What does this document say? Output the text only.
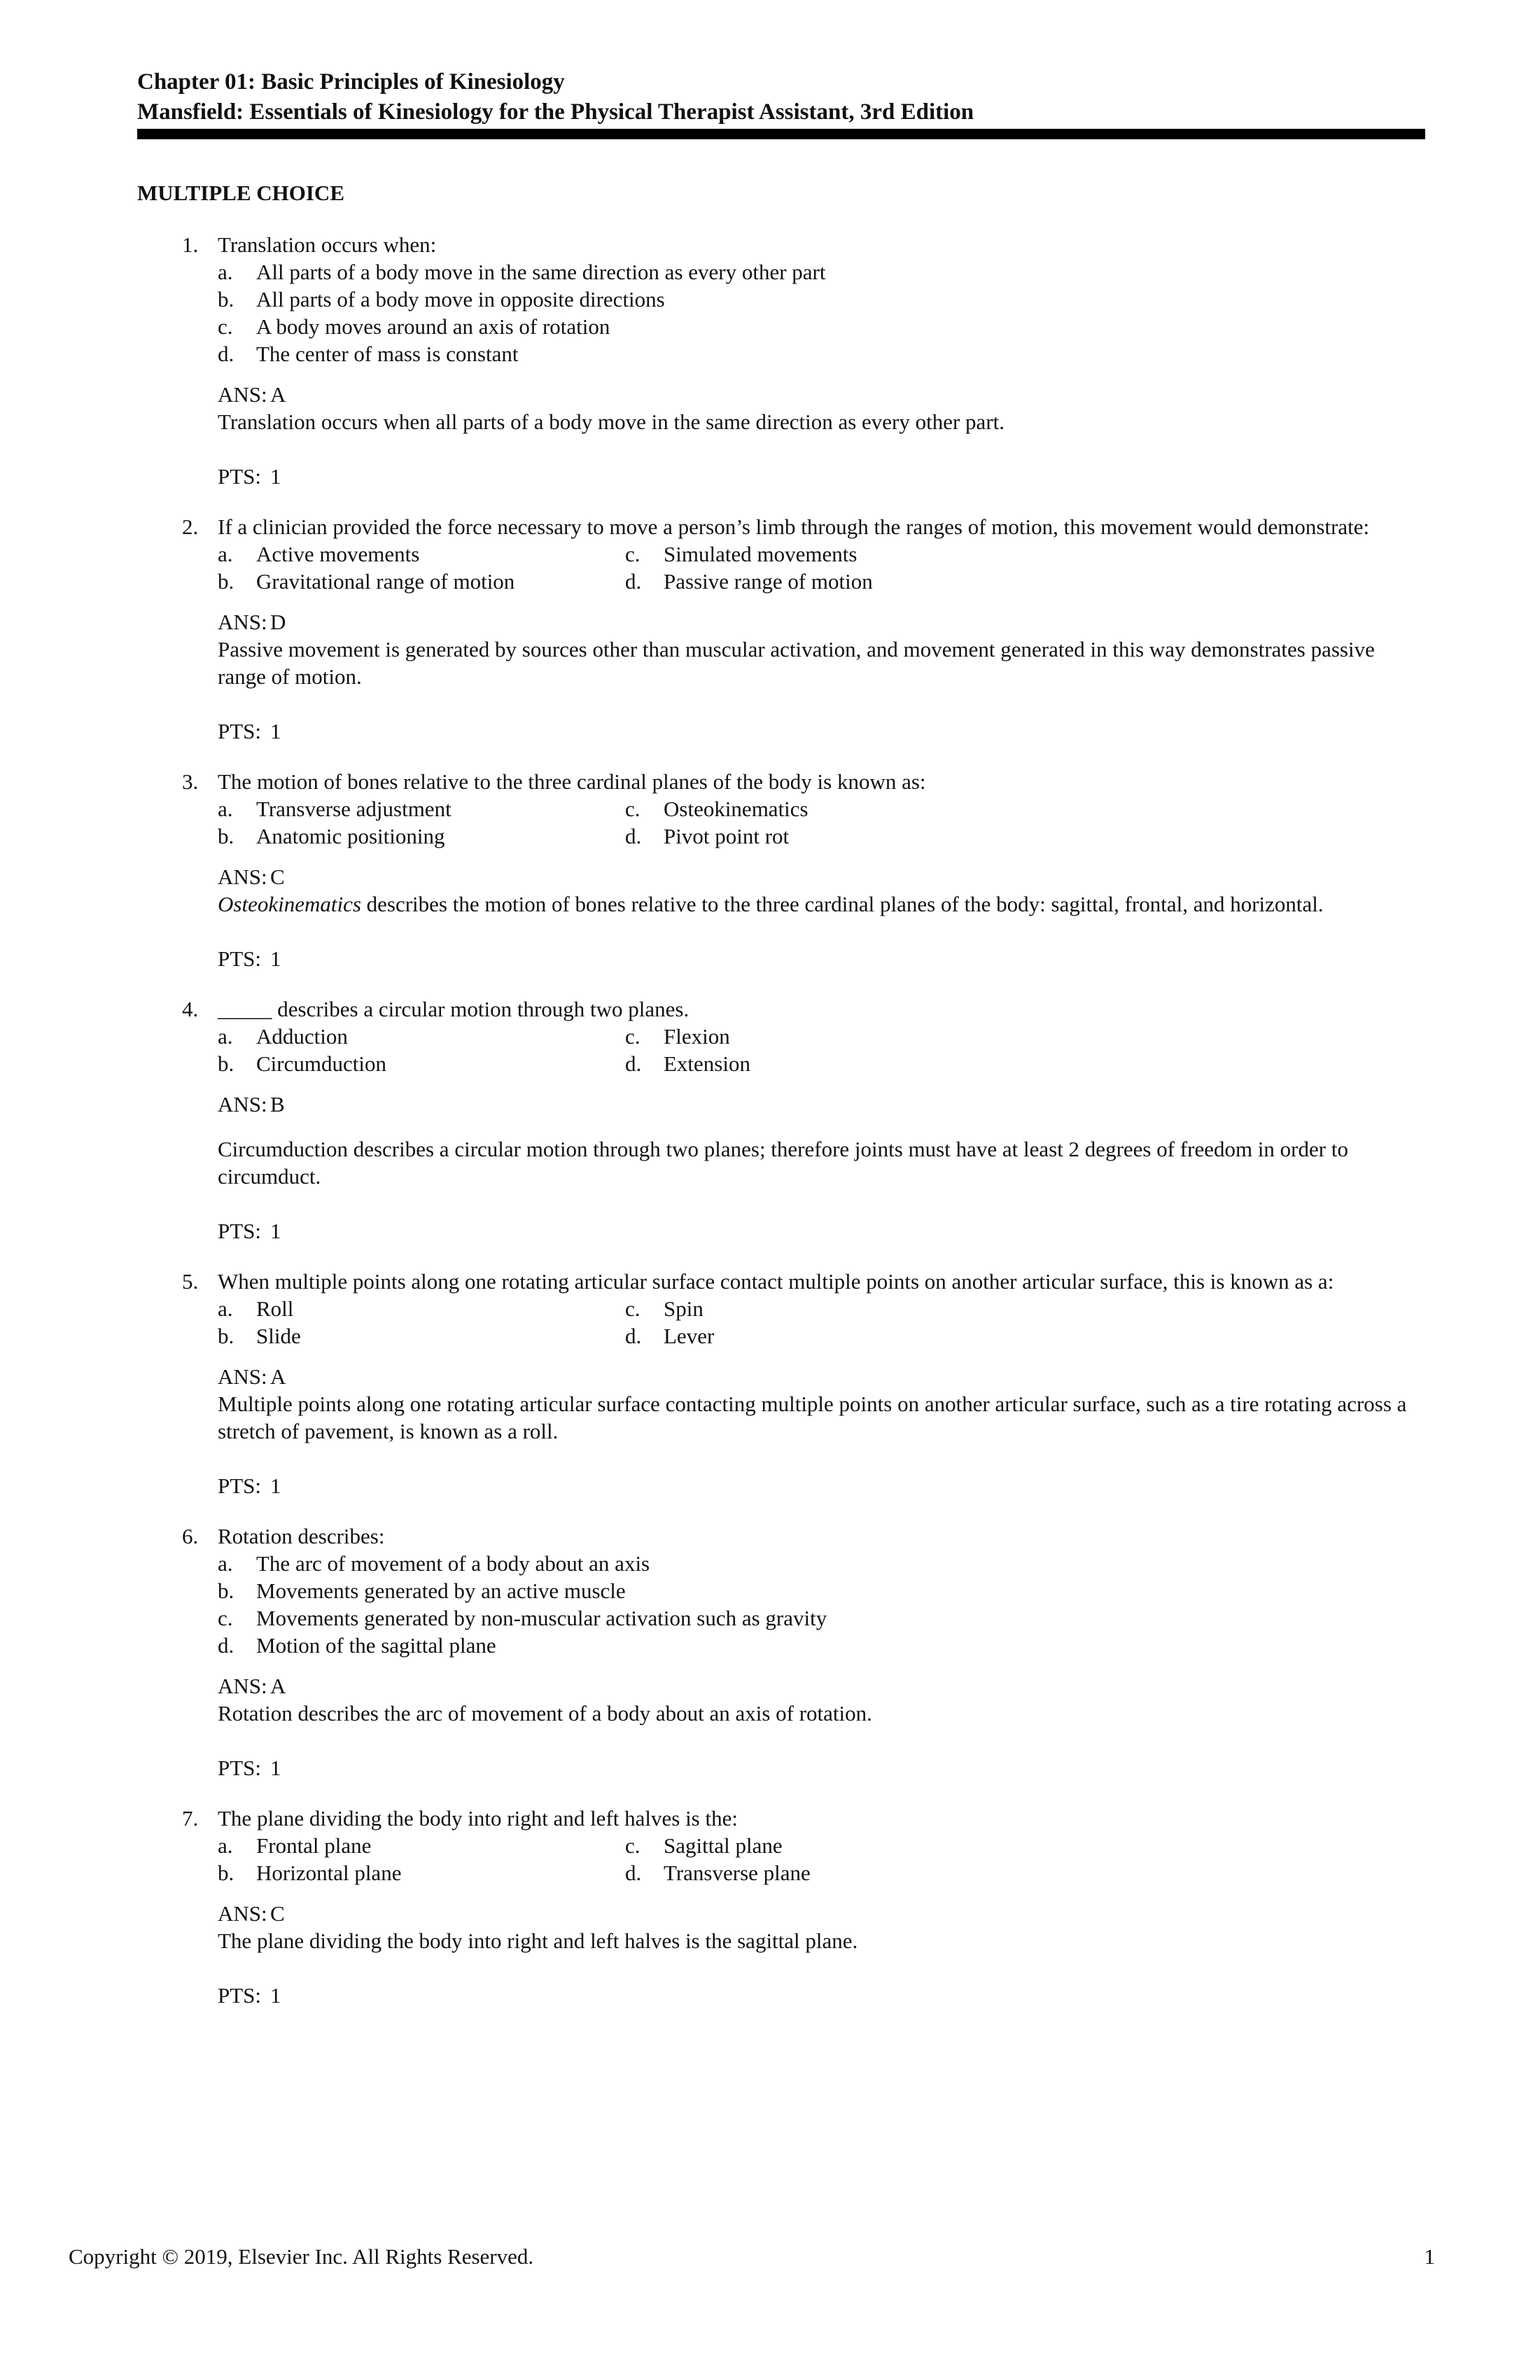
Chapter 01: Basic Principles of Kinesiology
Mansfield: Essentials of Kinesiology for the Physical Therapist Assistant, 3rd Edition
MULTIPLE CHOICE
1. Translation occurs when:
a. All parts of a body move in the same direction as every other part
b. All parts of a body move in opposite directions
c. A body moves around an axis of rotation
d. The center of mass is constant
ANS: A
Translation occurs when all parts of a body move in the same direction as every other part.
PTS: 1
2. If a clinician provided the force necessary to move a person’s limb through the ranges of motion, this movement would demonstrate:
a. Active movements	c. Simulated movements
b. Gravitational range of motion	d. Passive range of motion
ANS: D
Passive movement is generated by sources other than muscular activation, and movement generated in this way demonstrates passive range of motion.
PTS: 1
3. The motion of bones relative to the three cardinal planes of the body is known as:
a. Transverse adjustment	c. Osteokinematics
b. Anatomic positioning	d. Pivot point rot
ANS: C
Osteokinematics describes the motion of bones relative to the three cardinal planes of the body: sagittal, frontal, and horizontal.
PTS: 1
4. _____ describes a circular motion through two planes.
a. Adduction	c. Flexion
b. Circumduction	d. Extension
ANS: B
Circumduction describes a circular motion through two planes; therefore joints must have at least 2 degrees of freedom in order to circumduct.
PTS: 1
5. When multiple points along one rotating articular surface contact multiple points on another articular surface, this is known as a:
a. Roll	c. Spin
b. Slide	d. Lever
ANS: A
Multiple points along one rotating articular surface contacting multiple points on another articular surface, such as a tire rotating across a stretch of pavement, is known as a roll.
PTS: 1
6. Rotation describes:
a. The arc of movement of a body about an axis
b. Movements generated by an active muscle
c. Movements generated by non-muscular activation such as gravity
d. Motion of the sagittal plane
ANS: A
Rotation describes the arc of movement of a body about an axis of rotation.
PTS: 1
7. The plane dividing the body into right and left halves is the:
a. Frontal plane	c. Sagittal plane
b. Horizontal plane	d. Transverse plane
ANS: C
The plane dividing the body into right and left halves is the sagittal plane.
PTS: 1
Copyright © 2019, Elsevier Inc. All Rights Reserved.	1
